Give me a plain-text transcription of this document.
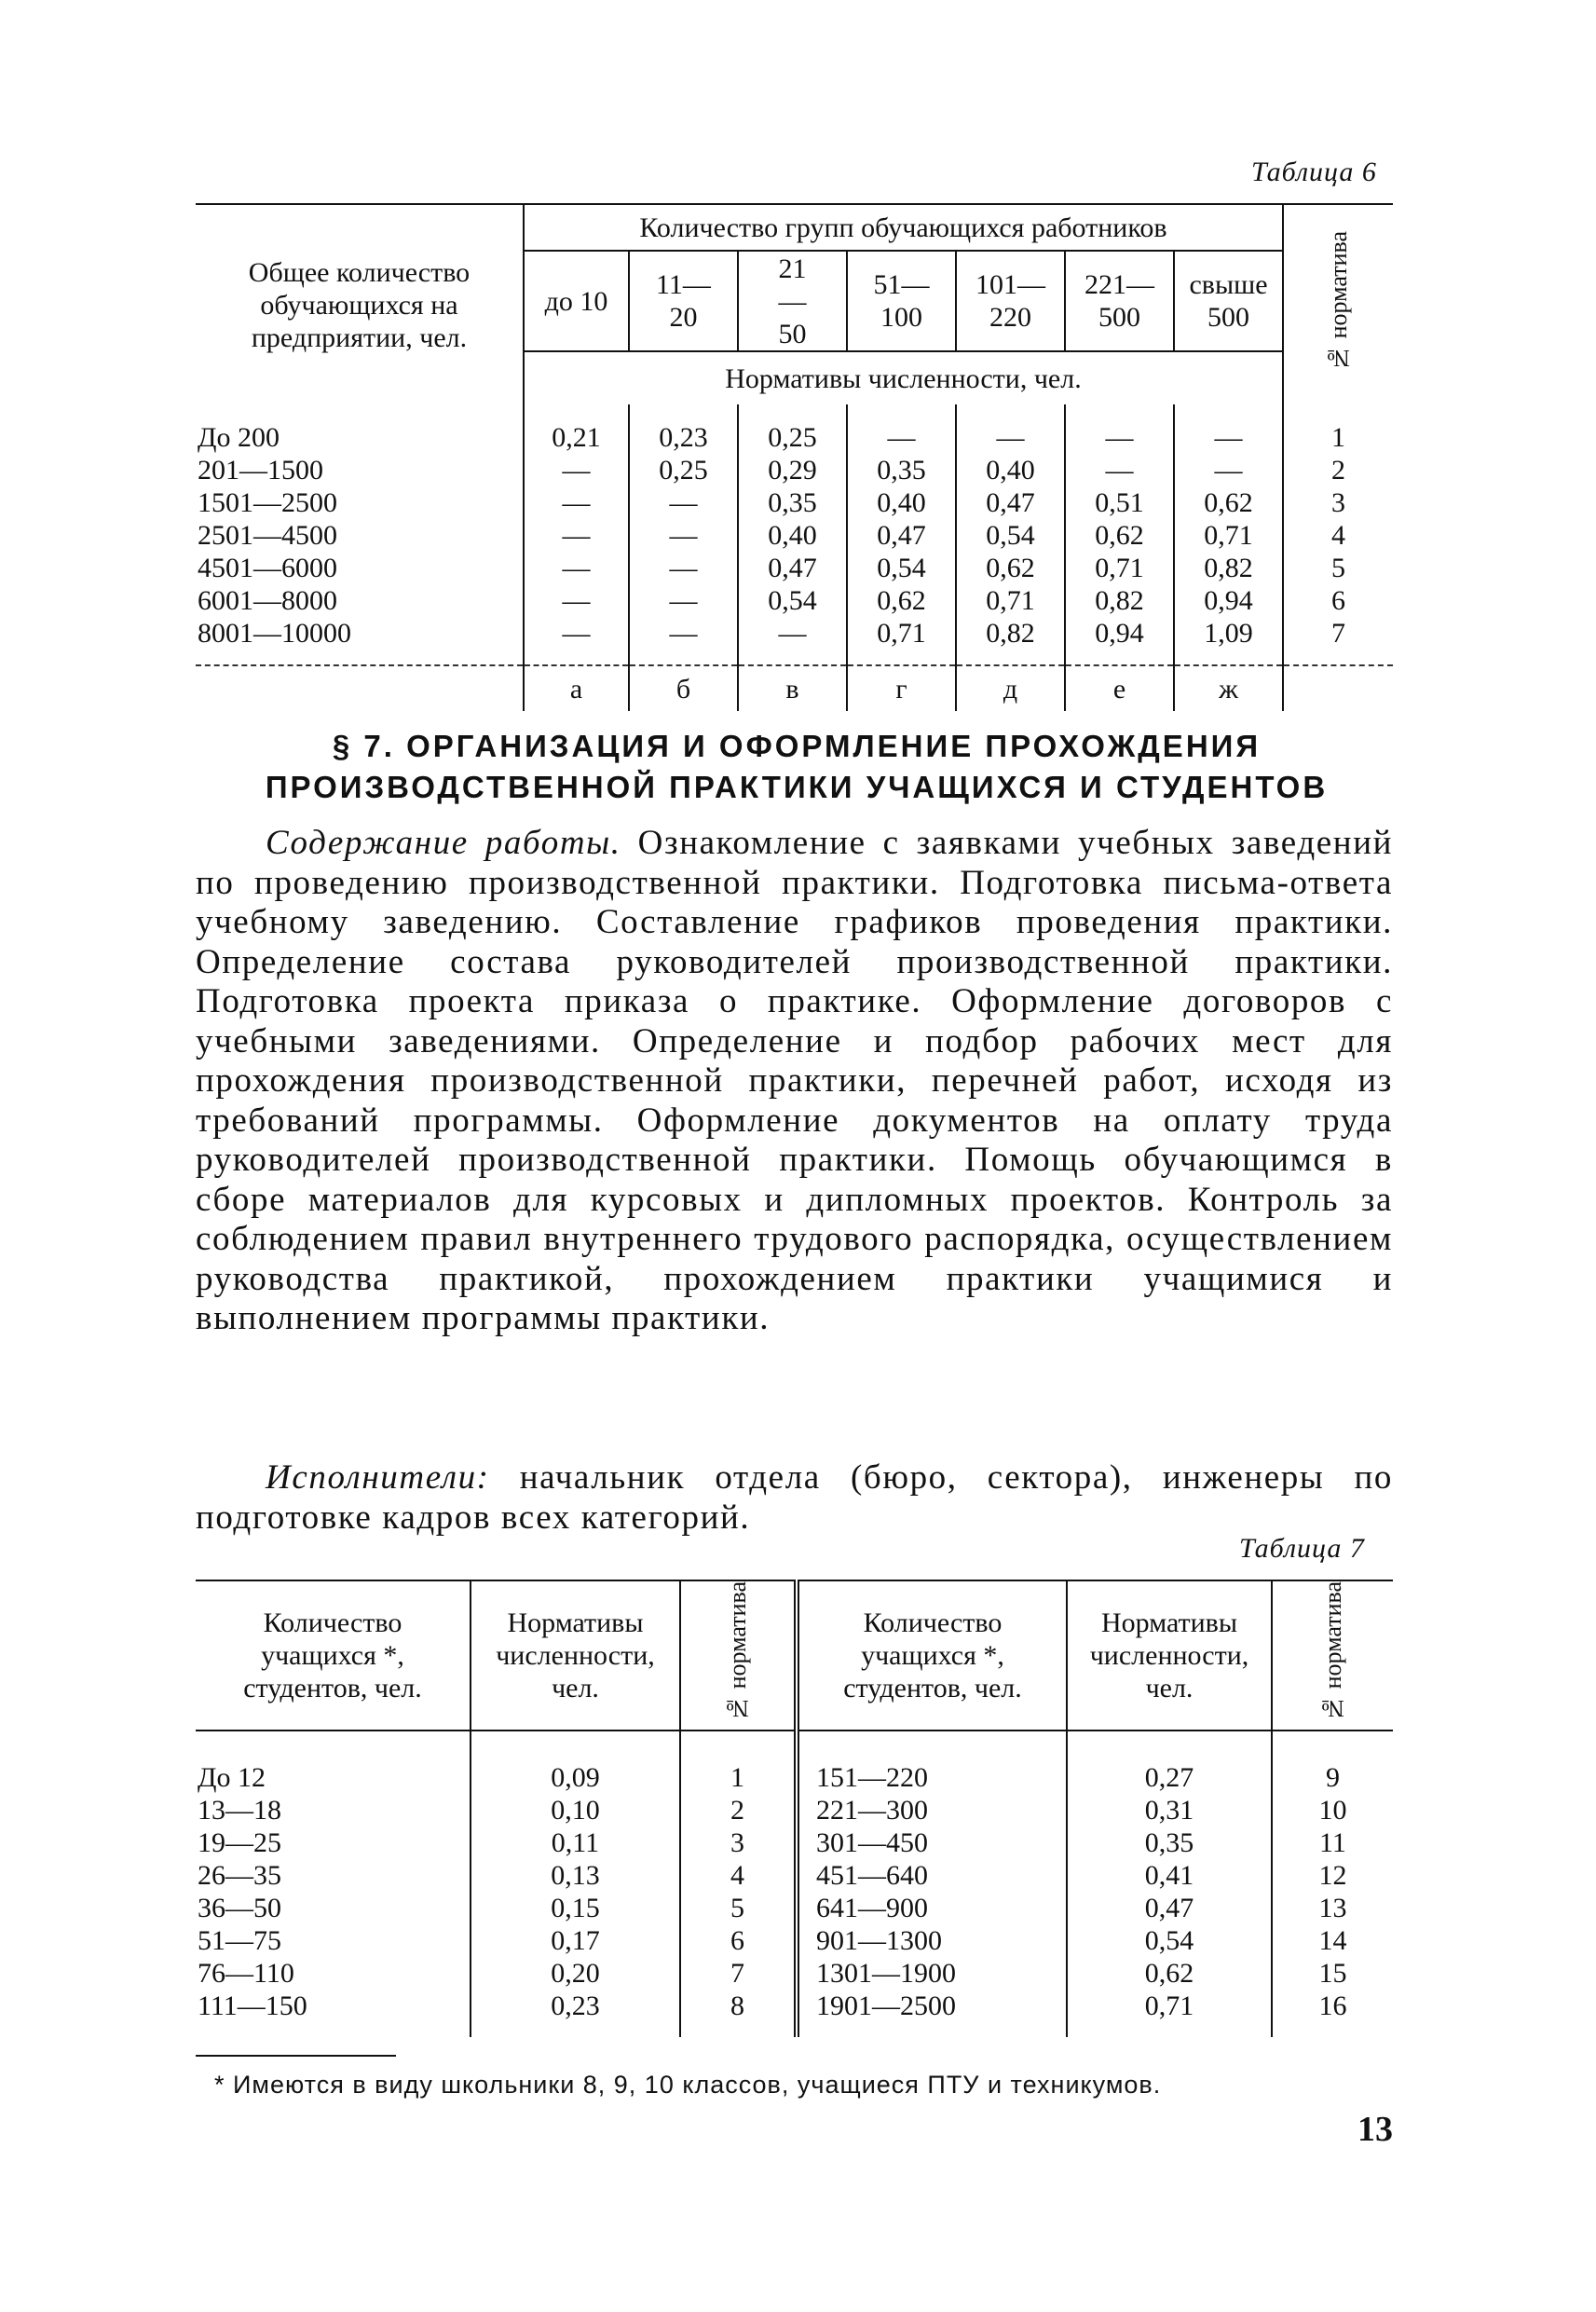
Таблица 6
Общее количество обучающихся на предприятии, чел.	Количество групп обучающихся работников							№ норматива
	до 10	11—20	21—50	51—100	101—220	221—500	свыше 500	
	Нормативы численности, чел.							
До 200	0,21	0,23	0,25	—	—	—	—	1
201—1500	—	0,25	0,29	0,35	0,40	—	—	2
1501—2500	—	—	0,35	0,40	0,47	0,51	0,62	3
2501—4500	—	—	0,40	0,47	0,54	0,62	0,71	4
4501—6000	—	—	0,47	0,54	0,62	0,71	0,82	5
6001—8000	—	—	0,54	0,62	0,71	0,82	0,94	6
8001—10000	—	—	—	0,71	0,82	0,94	1,09	7
	а	б	в	г	д	е	ж	
§ 7. ОРГАНИЗАЦИЯ И ОФОРМЛЕНИЕ ПРОХОЖДЕНИЯ
ПРОИЗВОДСТВЕННОЙ ПРАКТИКИ УЧАЩИХСЯ И СТУДЕНТОВ
Содержание работы. Ознакомление с заявками учебных заведений по проведению производственной практики. Подготовка письма-ответа учебному заведению. Составление графиков проведения практики. Определение состава руководителей производственной практики. Подготовка проекта приказа о практике. Оформление договоров с учебными заведениями. Определение и подбор рабочих мест для прохождения производственной практики, перечней работ, исходя из требований программы. Оформление документов на оплату труда руководителей производственной практики. Помощь обучающимся в сборе материалов для курсовых и дипломных проектов. Контроль за соблюдением правил внутреннего трудового распорядка, осуществлением руководства практикой, прохождением практики учащимися и выполнением программы практики.
Исполнители: начальник отдела (бюро, сектора), инженеры по подготовке кадров всех категорий.
Таблица 7
Количество учащихся *, студентов, чел.	Нормативы численности, чел.	№ норматива	Количество учащихся *, студентов, чел.	Нормативы численности, чел.	№ норматива

До 12	0,09	1	151—220	0,27	9
13—18	0,10	2	221—300	0,31	10
19—25	0,11	3	301—450	0,35	11
26—35	0,13	4	451—640	0,41	12
36—50	0,15	5	641—900	0,47	13
51—75	0,17	6	901—1300	0,54	14
76—110	0,20	7	1301—1900	0,62	15
111—150	0,23	8	1901—2500	0,71	16

* Имеются в виду школьники 8, 9, 10 классов, учащиеся ПТУ и техникумов.
13
